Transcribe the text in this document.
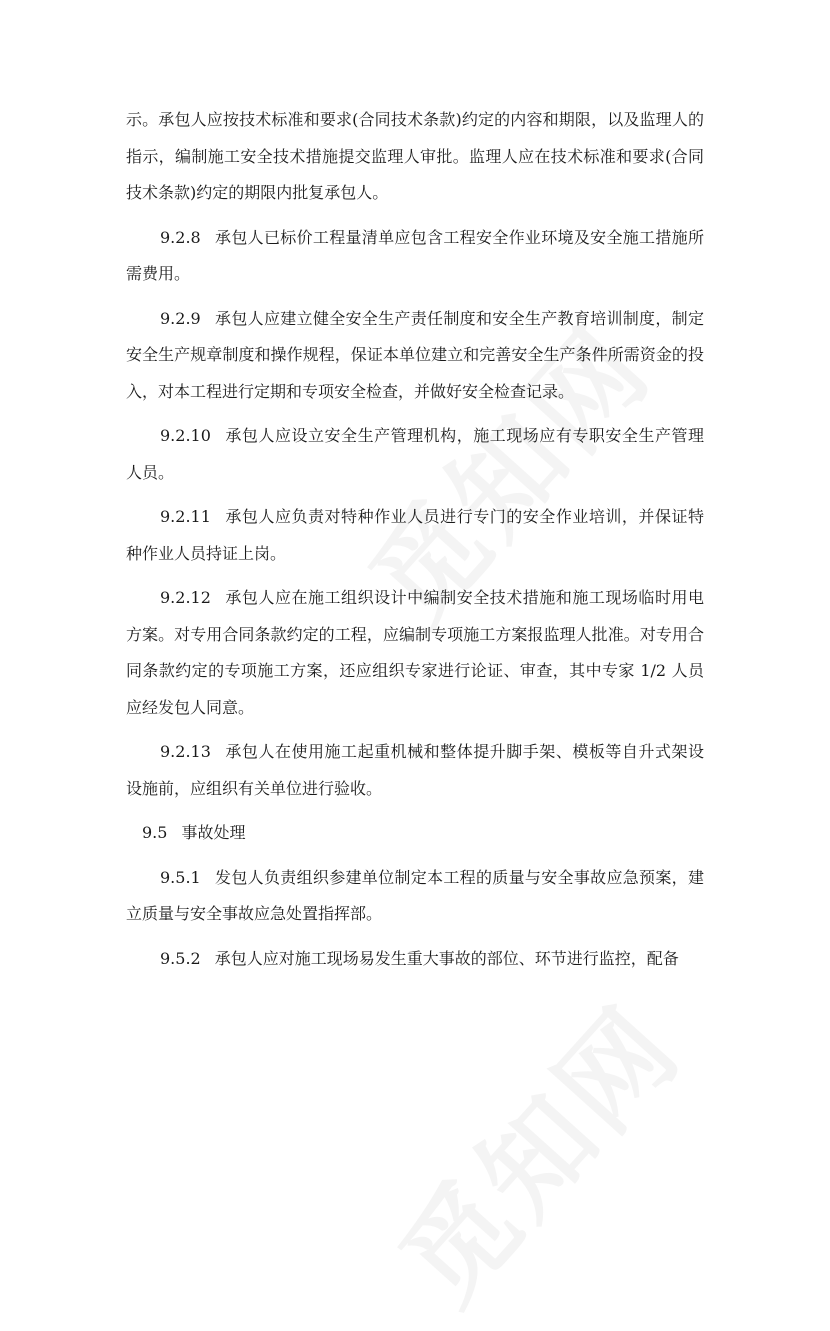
示。承包人应按技术标准和要求(合同技术条款)约定的内容和期限，以及监理人的指示，编制施工安全技术措施提交监理人审批。监理人应在技术标准和要求(合同技术条款)约定的期限内批复承包人。

9.2.8 承包人已标价工程量清单应包含工程安全作业环境及安全施工措施所需费用。

9.2.9 承包人应建立健全安全生产责任制度和安全生产教育培训制度，制定安全生产规章制度和操作规程，保证本单位建立和完善安全生产条件所需资金的投入，对本工程进行定期和专项安全检查，并做好安全检查记录。

9.2.10 承包人应设立安全生产管理机构，施工现场应有专职安全生产管理人员。

9.2.11 承包人应负责对特种作业人员进行专门的安全作业培训，并保证特种作业人员持证上岗。

9.2.12 承包人应在施工组织设计中编制安全技术措施和施工现场临时用电方案。对专用合同条款约定的工程，应编制专项施工方案报监理人批准。对专用合同条款约定的专项施工方案，还应组织专家进行论证、审查，其中专家 1/2 人员应经发包人同意。

9.2.13 承包人在使用施工起重机械和整体提升脚手架、模板等自升式架设设施前，应组织有关单位进行验收。

9.5 事故处理

9.5.1 发包人负责组织参建单位制定本工程的质量与安全事故应急预案，建立质量与安全事故应急处置指挥部。

9.5.2 承包人应对施工现场易发生重大事故的部位、环节进行监控，配备
